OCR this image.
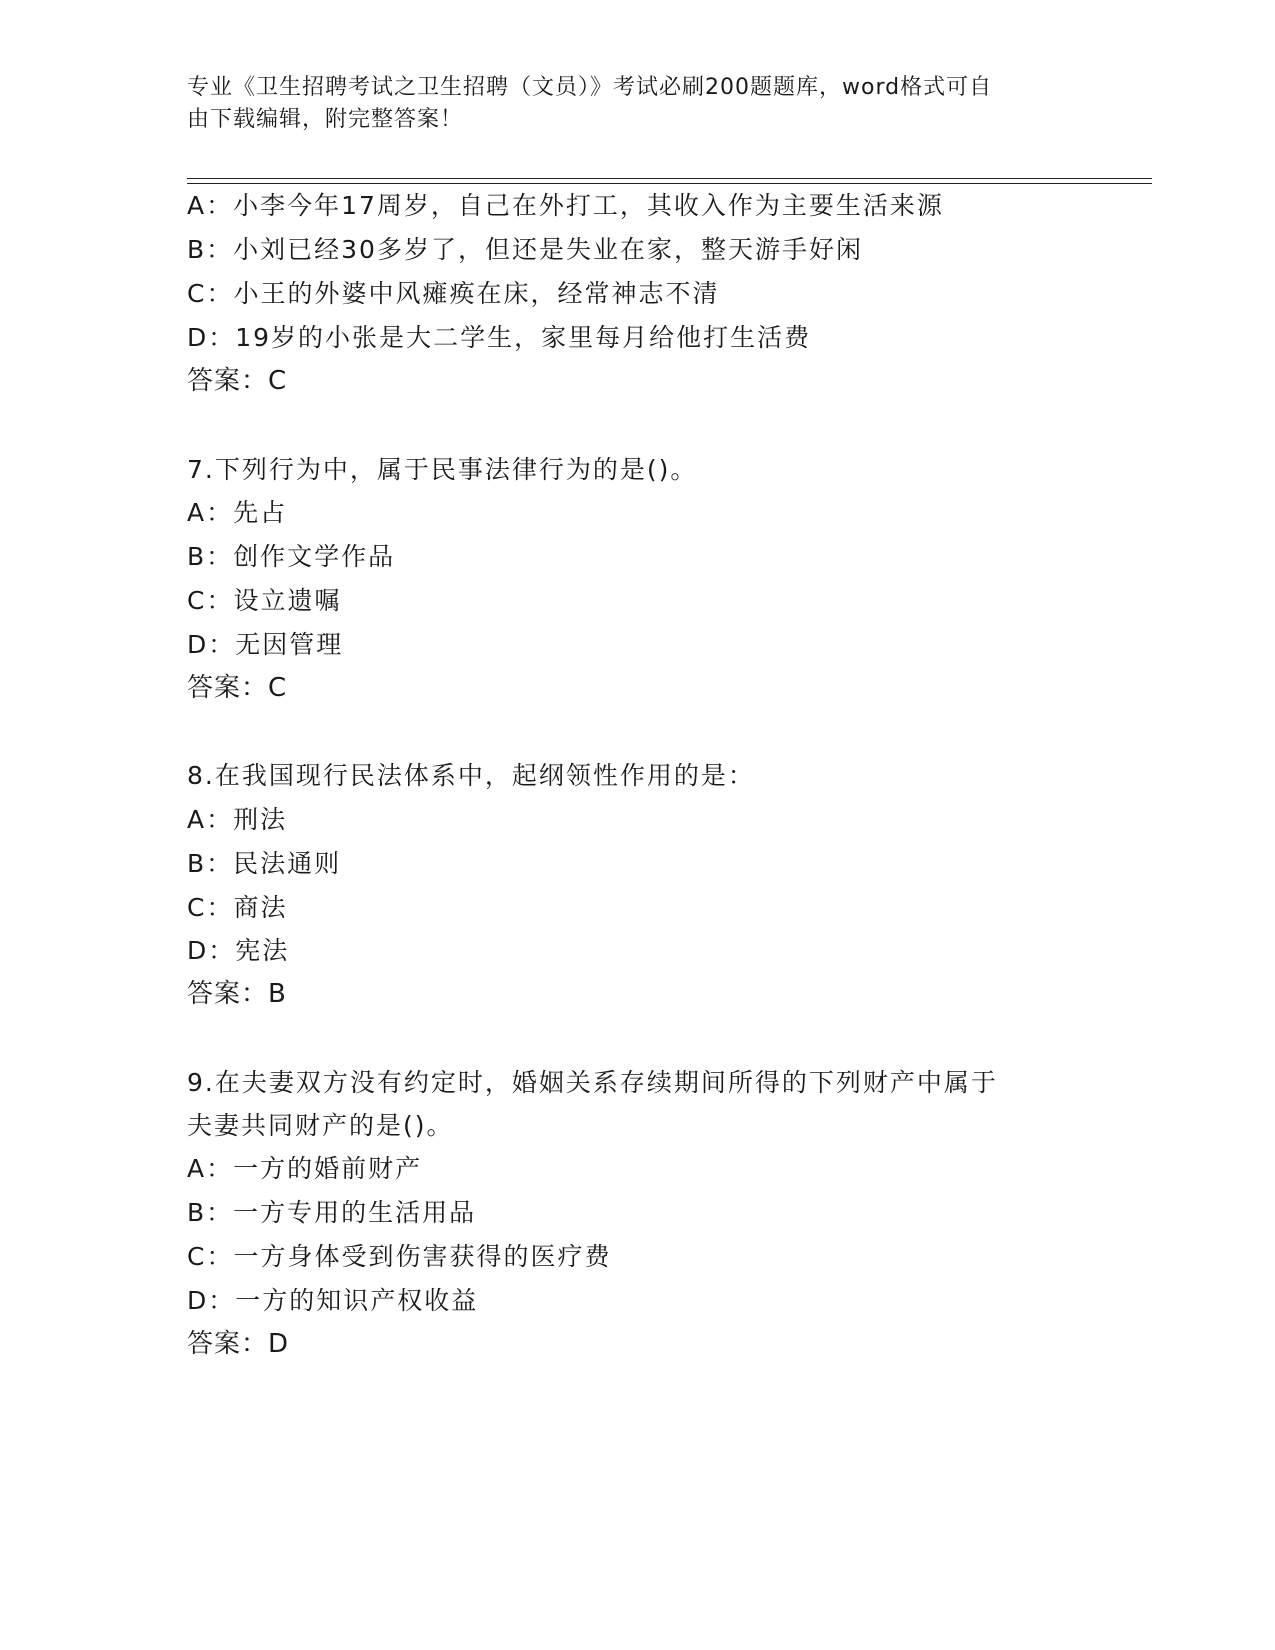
专业《卫生招聘考试之卫生招聘（文员）》考试必刷200题题库，word格式可自
由下载编辑，附完整答案！
A：小李今年17周岁，自己在外打工，其收入作为主要生活来源
B：小刘已经30多岁了，但还是失业在家，整天游手好闲
C：小王的外婆中风瘫痪在床，经常神志不清
D：19岁的小张是大二学生，家里每月给他打生活费
答案：C
7.下列行为中，属于民事法律行为的是()。
A：先占
B：创作文学作品
C：设立遗嘱
D：无因管理
答案：C
8.在我国现行民法体系中，起纲领性作用的是：
A：刑法
B：民法通则
C：商法
D：宪法
答案：B
9.在夫妻双方没有约定时，婚姻关系存续期间所得的下列财产中属于
夫妻共同财产的是()。
A：一方的婚前财产
B：一方专用的生活用品
C：一方身体受到伤害获得的医疗费
D：一方的知识产权收益
答案：D
